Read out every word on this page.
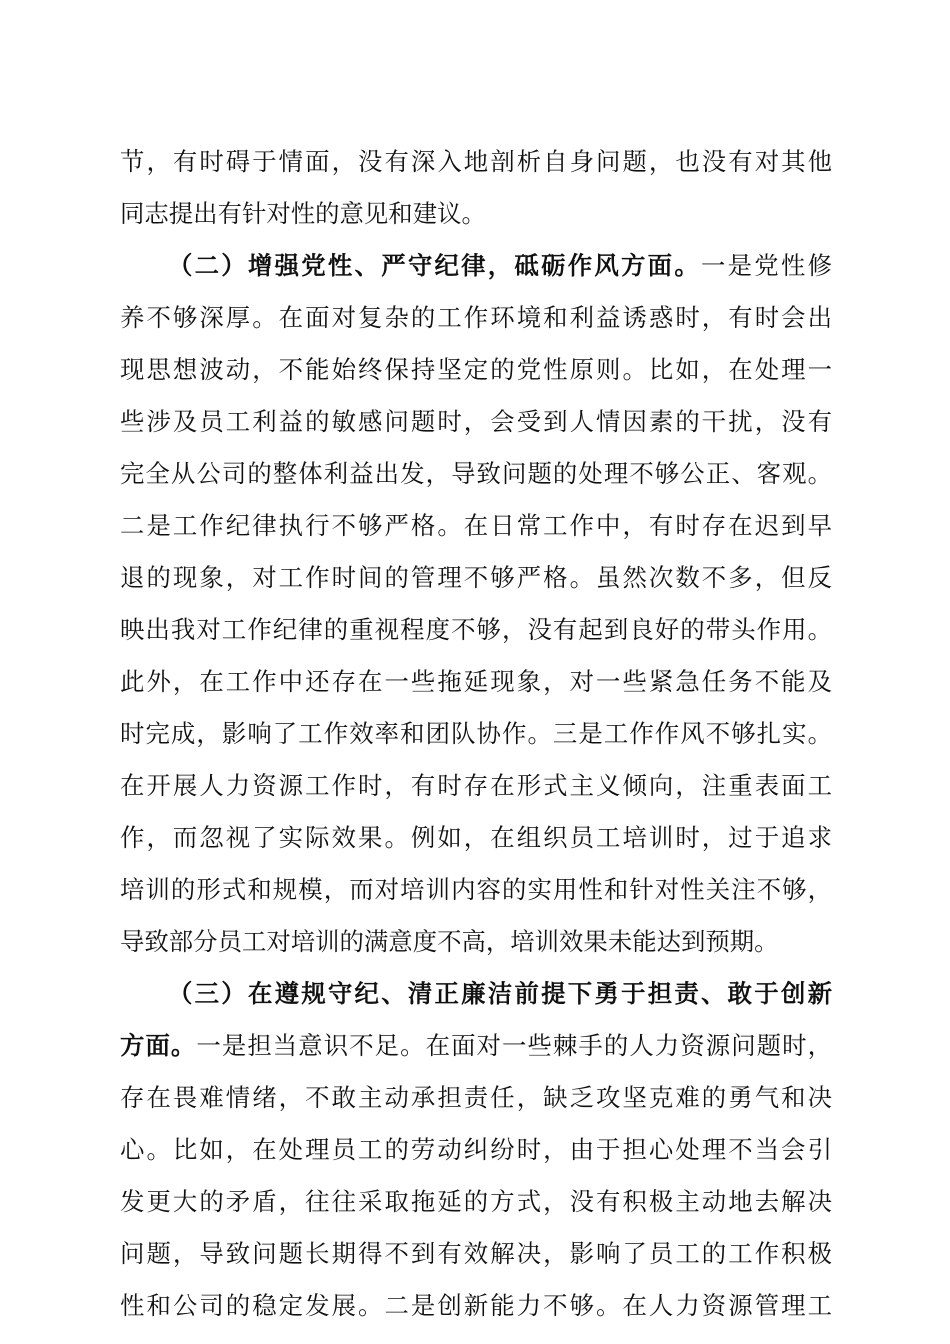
节，有时碍于情面，没有深入地剖析自身问题，也没有对其他
同志提出有针对性的意见和建议。
（二）增强党性、严守纪律，砥砺作风方面。一是党性修
养不够深厚。在面对复杂的工作环境和利益诱惑时，有时会出
现思想波动，不能始终保持坚定的党性原则。比如，在处理一
些涉及员工利益的敏感问题时，会受到人情因素的干扰，没有
完全从公司的整体利益出发，导致问题的处理不够公正、客观。
二是工作纪律执行不够严格。在日常工作中，有时存在迟到早
退的现象，对工作时间的管理不够严格。虽然次数不多，但反
映出我对工作纪律的重视程度不够，没有起到良好的带头作用。
此外，在工作中还存在一些拖延现象，对一些紧急任务不能及
时完成，影响了工作效率和团队协作。三是工作作风不够扎实。
在开展人力资源工作时，有时存在形式主义倾向，注重表面工
作，而忽视了实际效果。例如，在组织员工培训时，过于追求
培训的形式和规模，而对培训内容的实用性和针对性关注不够，
导致部分员工对培训的满意度不高，培训效果未能达到预期。
（三）在遵规守纪、清正廉洁前提下勇于担责、敢于创新
方面。一是担当意识不足。在面对一些棘手的人力资源问题时，
存在畏难情绪，不敢主动承担责任，缺乏攻坚克难的勇气和决
心。比如，在处理员工的劳动纠纷时，由于担心处理不当会引
发更大的矛盾，往往采取拖延的方式，没有积极主动地去解决
问题，导致问题长期得不到有效解决，影响了员工的工作积极
性和公司的稳定发展。二是创新能力不够。在人力资源管理工
